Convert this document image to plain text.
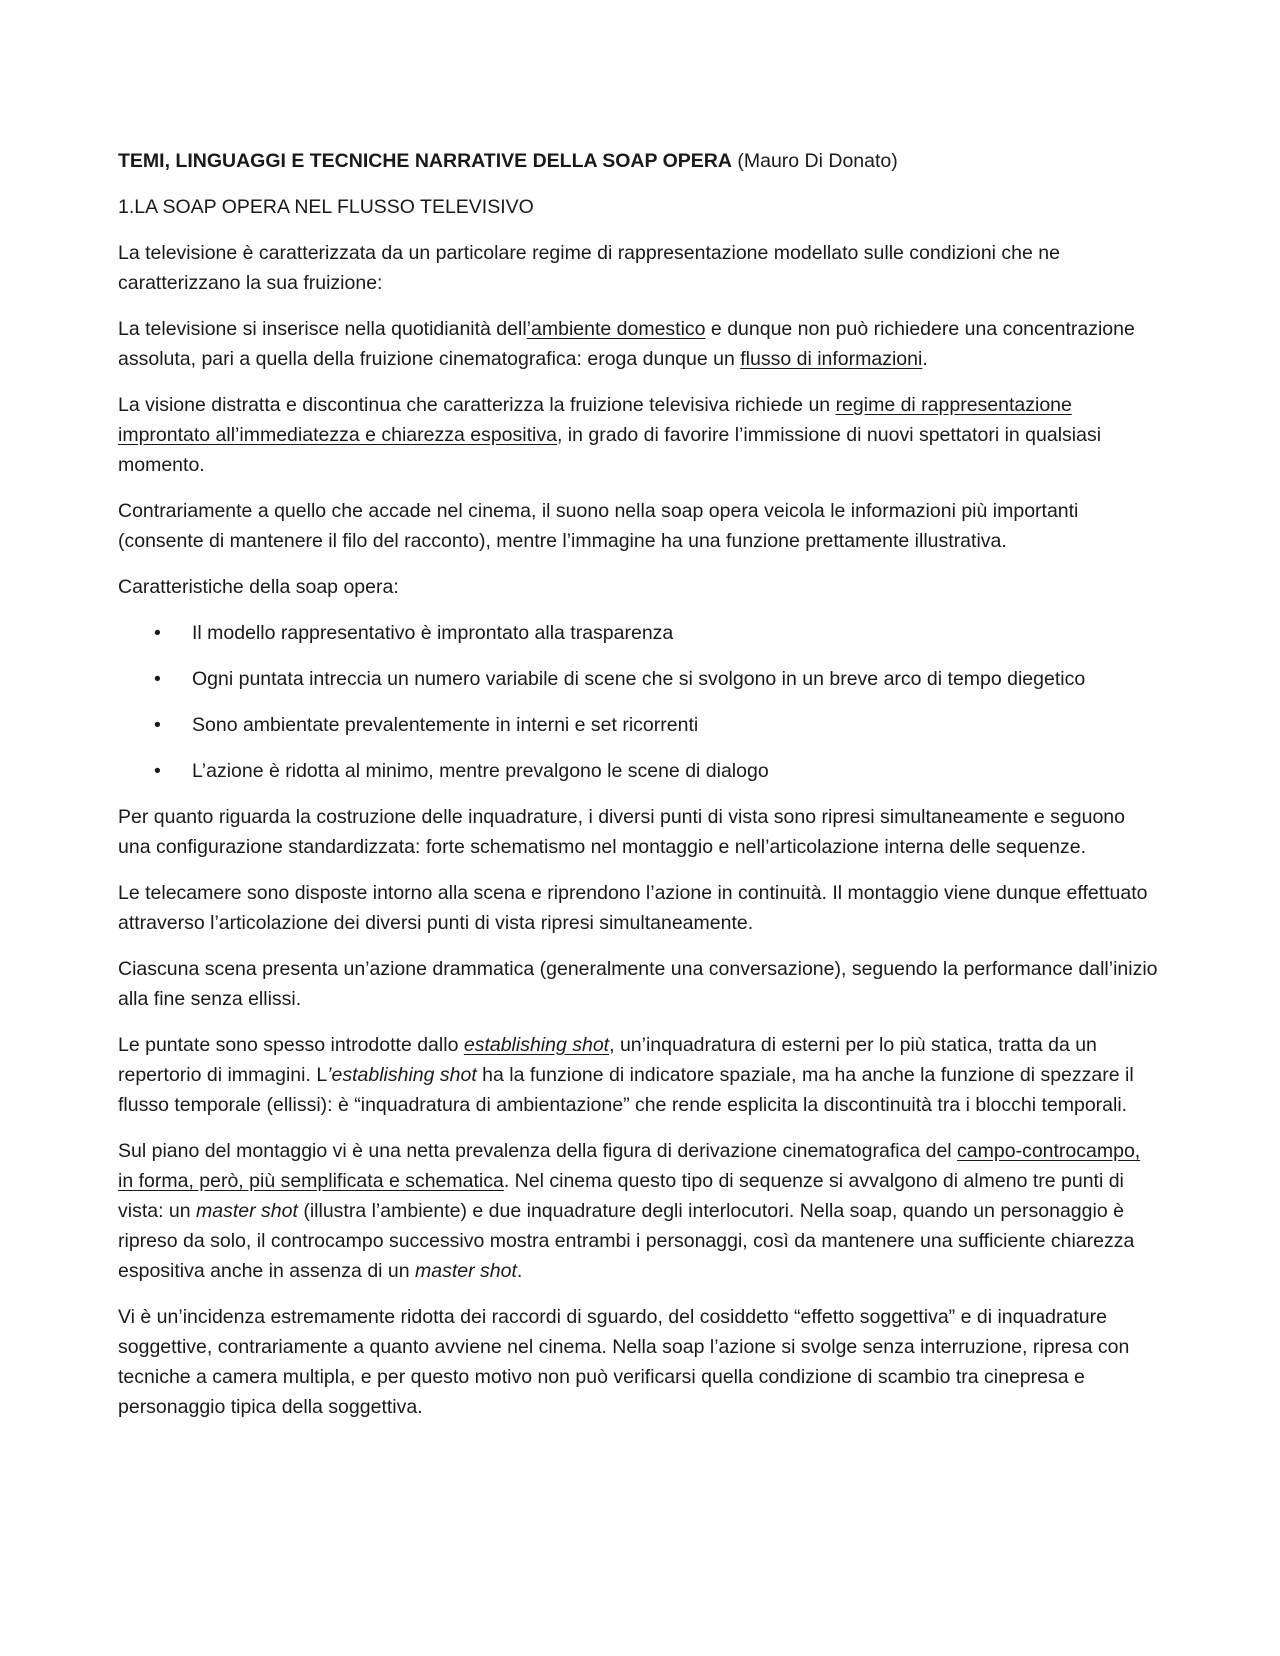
TEMI, LINGUAGGI E TECNICHE NARRATIVE DELLA SOAP OPERA (Mauro Di Donato)

1.LA SOAP OPERA NEL FLUSSO TELEVISIVO

La televisione è caratterizzata da un particolare regime di rappresentazione modellato sulle condizioni che ne caratterizzano la sua fruizione:

La televisione si inserisce nella quotidianità dell’ambiente domestico e dunque non può richiedere una concentrazione assoluta, pari a quella della fruizione cinematografica: eroga dunque un flusso di informazioni.

La visione distratta e discontinua che caratterizza la fruizione televisiva richiede un regime di rappresentazione improntato all’immediatezza e chiarezza espositiva, in grado di favorire l’immissione di nuovi spettatori in qualsiasi momento.

Contrariamente a quello che accade nel cinema, il suono nella soap opera veicola le informazioni più importanti (consente di mantenere il filo del racconto), mentre l’immagine ha una funzione prettamente illustrativa.

Caratteristiche della soap opera:

• Il modello rappresentativo è improntato alla trasparenza
• Ogni puntata intreccia un numero variabile di scene che si svolgono in un breve arco di tempo diegetico
• Sono ambientate prevalentemente in interni e set ricorrenti
• L’azione è ridotta al minimo, mentre prevalgono le scene di dialogo

Per quanto riguarda la costruzione delle inquadrature, i diversi punti di vista sono ripresi simultaneamente e seguono una configurazione standardizzata: forte schematismo nel montaggio e nell’articolazione interna delle sequenze.

Le telecamere sono disposte intorno alla scena e riprendono l’azione in continuità. Il montaggio viene dunque effettuato attraverso l’articolazione dei diversi punti di vista ripresi simultaneamente.

Ciascuna scena presenta un’azione drammatica (generalmente una conversazione), seguendo la performance dall’inizio alla fine senza ellissi.

Le puntate sono spesso introdotte dallo establishing shot, un’inquadratura di esterni per lo più statica, tratta da un repertorio di immagini. L’establishing shot ha la funzione di indicatore spaziale, ma ha anche la funzione di spezzare il flusso temporale (ellissi): è “inquadratura di ambientazione” che rende esplicita la discontinuità tra i blocchi temporali.

Sul piano del montaggio vi è una netta prevalenza della figura di derivazione cinematografica del campo-controcampo, in forma, però, più semplificata e schematica. Nel cinema questo tipo di sequenze si avvalgono di almeno tre punti di vista: un master shot (illustra l’ambiente) e due inquadrature degli interlocutori. Nella soap, quando un personaggio è ripreso da solo, il controcampo successivo mostra entrambi i personaggi, così da mantenere una sufficiente chiarezza espositiva anche in assenza di un master shot.

Vi è un’incidenza estremamente ridotta dei raccordi di sguardo, del cosiddetto “effetto soggettiva” e di inquadrature soggettive, contrariamente a quanto avviene nel cinema. Nella soap l’azione si svolge senza interruzione, ripresa con tecniche a camera multipla, e per questo motivo non può verificarsi quella condizione di scambio tra cinepresa e personaggio tipica della soggettiva.
